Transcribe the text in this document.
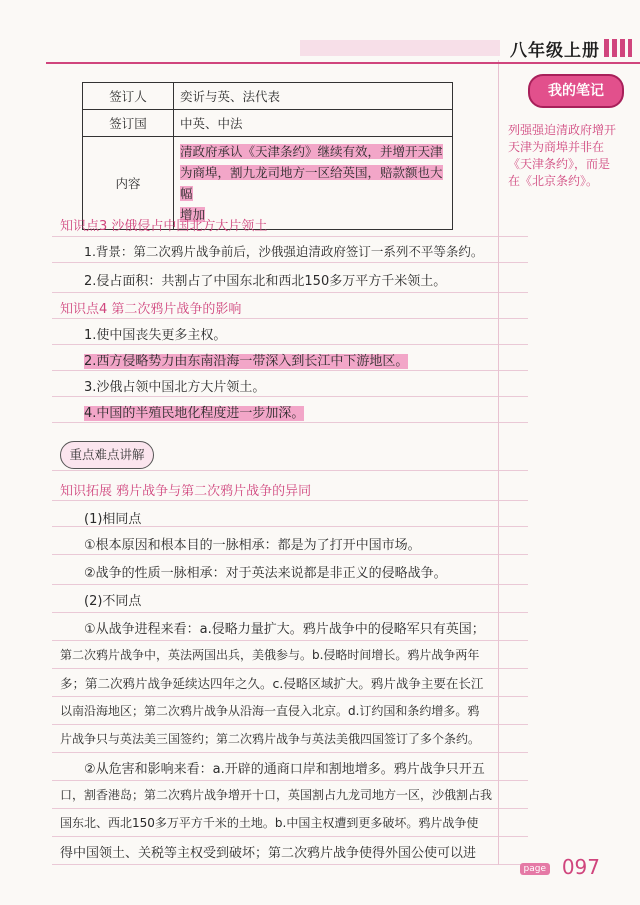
八年级上册
我的笔记
列强强迫清政府增开天津为商埠并非在《天津条约》，而是在《北京条约》。
签订人	奕䜣与英、法代表
签订国	中英、中法
内容	清政府承认《天津条约》继续有效，并增开天津
为商埠，割九龙司地方一区给英国，赔款额也大幅
增加
知识点3 沙俄侵占中国北方大片领土
1.背景：第二次鸦片战争前后，沙俄强迫清政府签订一系列不平等条约。
2.侵占面积：共割占了中国东北和西北150多万平方千米领土。
知识点4 第二次鸦片战争的影响
1.使中国丧失更多主权。
2.西方侵略势力由东南沿海一带深入到长江中下游地区。
3.沙俄占领中国北方大片领土。
4.中国的半殖民地化程度进一步加深。
重点难点讲解
知识拓展 鸦片战争与第二次鸦片战争的异同
(1)相同点
①根本原因和根本目的一脉相承：都是为了打开中国市场。
②战争的性质一脉相承：对于英法来说都是非正义的侵略战争。
(2)不同点
①从战争进程来看：a.侵略力量扩大。鸦片战争中的侵略军只有英国；
第二次鸦片战争中，英法两国出兵，美俄参与。b.侵略时间增长。鸦片战争两年
多；第二次鸦片战争延续达四年之久。c.侵略区域扩大。鸦片战争主要在长江
以南沿海地区；第二次鸦片战争从沿海一直侵入北京。d.订约国和条约增多。鸦
片战争只与英法美三国签约；第二次鸦片战争与英法美俄四国签订了多个条约。
②从危害和影响来看：a.开辟的通商口岸和割地增多。鸦片战争只开五
口，割香港岛；第二次鸦片战争增开十口，英国割占九龙司地方一区，沙俄割占我
国东北、西北150多万平方千米的土地。b.中国主权遭到更多破坏。鸦片战争使
得中国领土、关税等主权受到破坏；第二次鸦片战争使得外国公使可以进
page 097
